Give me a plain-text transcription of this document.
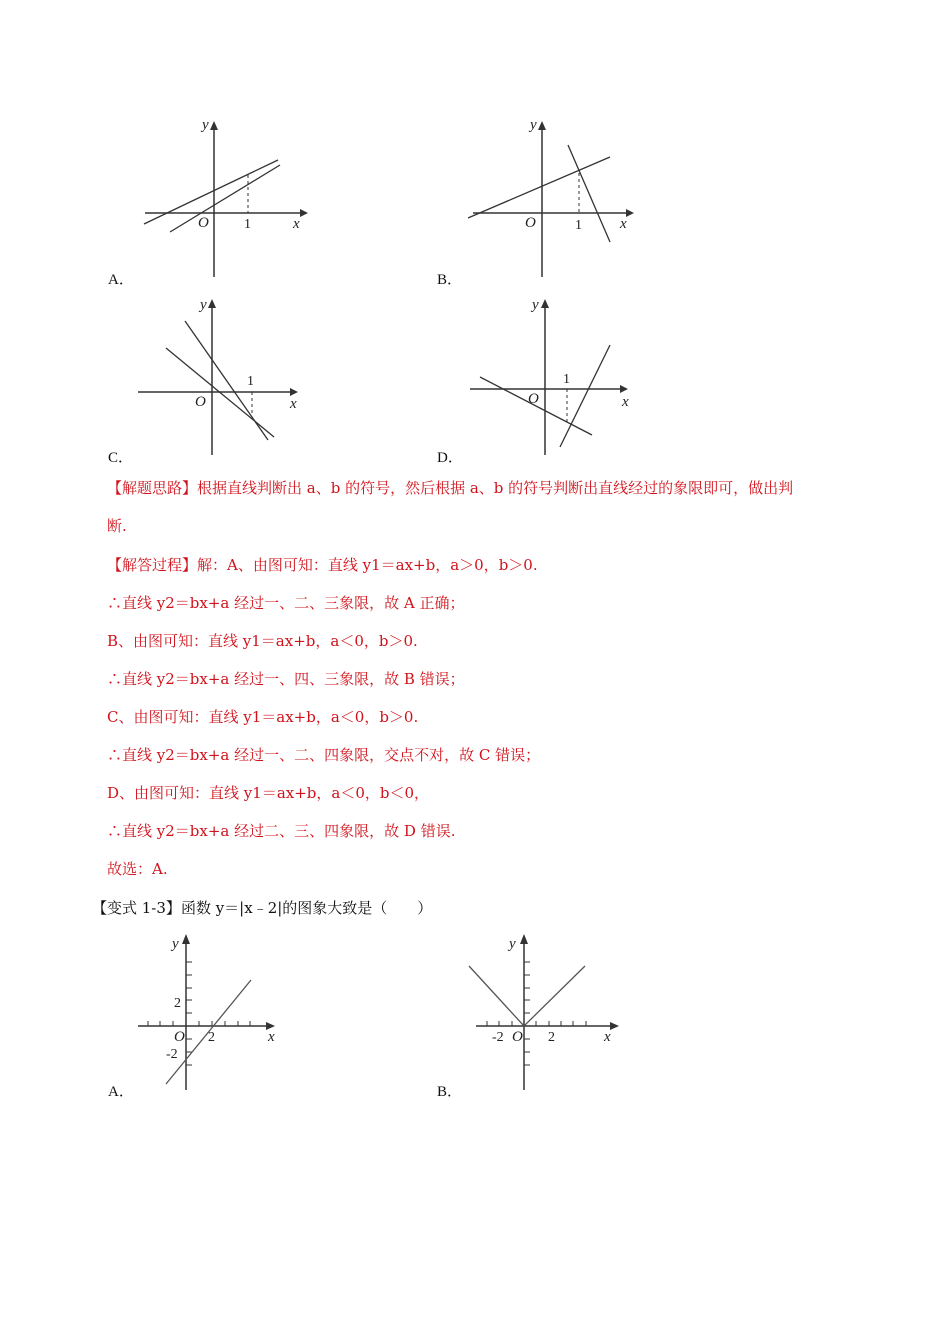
y
x
O	1
A．
y
x
O	1
B．
y
x
O
1
C．
y
x
O
1
D．
【解题思路】根据直线判断出 a、b 的符号，然后根据 a、b 的符号判断出直线经过的象限即可，做出判
断.
【解答过程】解：A、由图可知：直线 y1＝ax+b，a＞0，b＞0.
∴直线 y2＝bx+a 经过一、二、三象限，故 A 正确；
B、由图可知：直线 y1＝ax+b，a＜0，b＞0.
∴直线 y2＝bx+a 经过一、四、三象限，故 B 错误；
C、由图可知：直线 y1＝ax+b，a＜0，b＞0.
∴直线 y2＝bx+a 经过一、二、四象限，交点不对，故 C 错误；
D、由图可知：直线 y1＝ax+b，a＜0，b＜0，
∴直线 y2＝bx+a 经过二、三、四象限，故 D 错误.
故选：A.
【变式 1-3】函数 y＝|x﹣2|的图象大致是（　　）
y
x
O
2
2
-2
A．
y
x
O
-2	2
B．
